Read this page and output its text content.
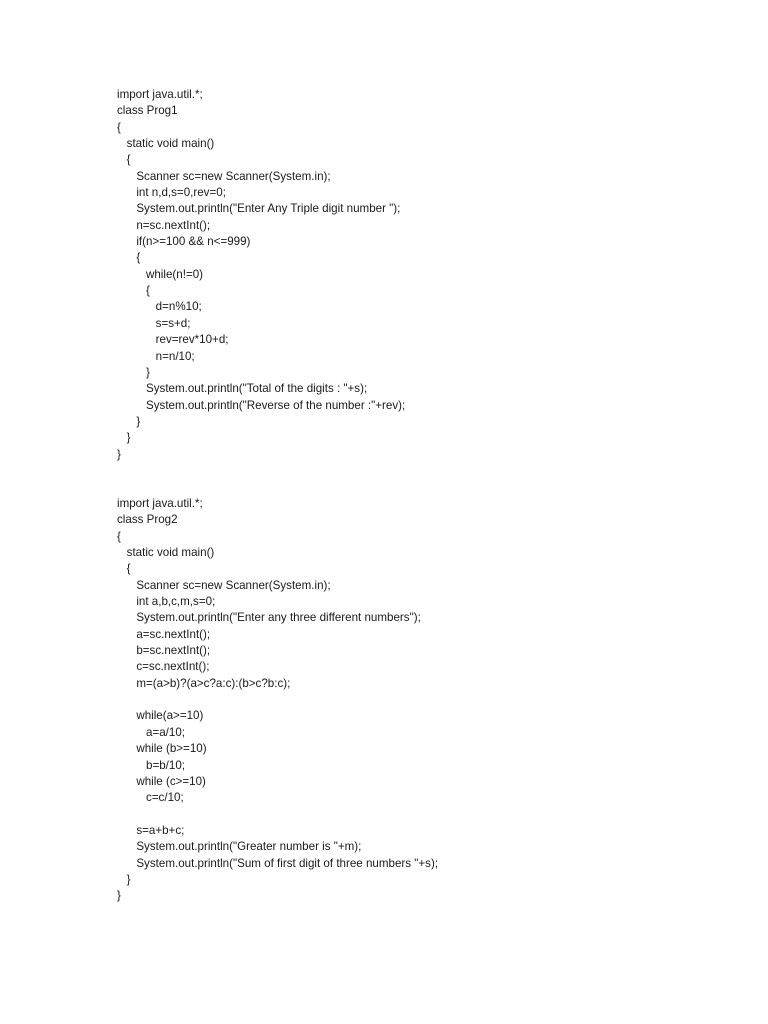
import java.util.*;
class Prog1
{
static void main()
{
Scanner sc=new Scanner(System.in);
int n,d,s=0,rev=0;
System.out.println("Enter Any Triple digit number ");
n=sc.nextInt();
if(n>=100 && n<=999)
{
while(n!=0)
{
d=n%10;
s=s+d;
rev=rev*10+d;
n=n/10;
}
System.out.println("Total of the digits : "+s);
System.out.println("Reverse of the number :"+rev);
}
}
}
import java.util.*;
class Prog2
{
static void main()
{
Scanner sc=new Scanner(System.in);
int a,b,c,m,s=0;
System.out.println("Enter any three different numbers");
a=sc.nextInt();
b=sc.nextInt();
c=sc.nextInt();
m=(a>b)?(a>c?a:c):(b>c?b:c);
while(a>=10)
a=a/10;
while (b>=10)
b=b/10;
while (c>=10)
c=c/10;
s=a+b+c;
System.out.println("Greater number is "+m);
System.out.println("Sum of first digit of three numbers "+s);
}
}
